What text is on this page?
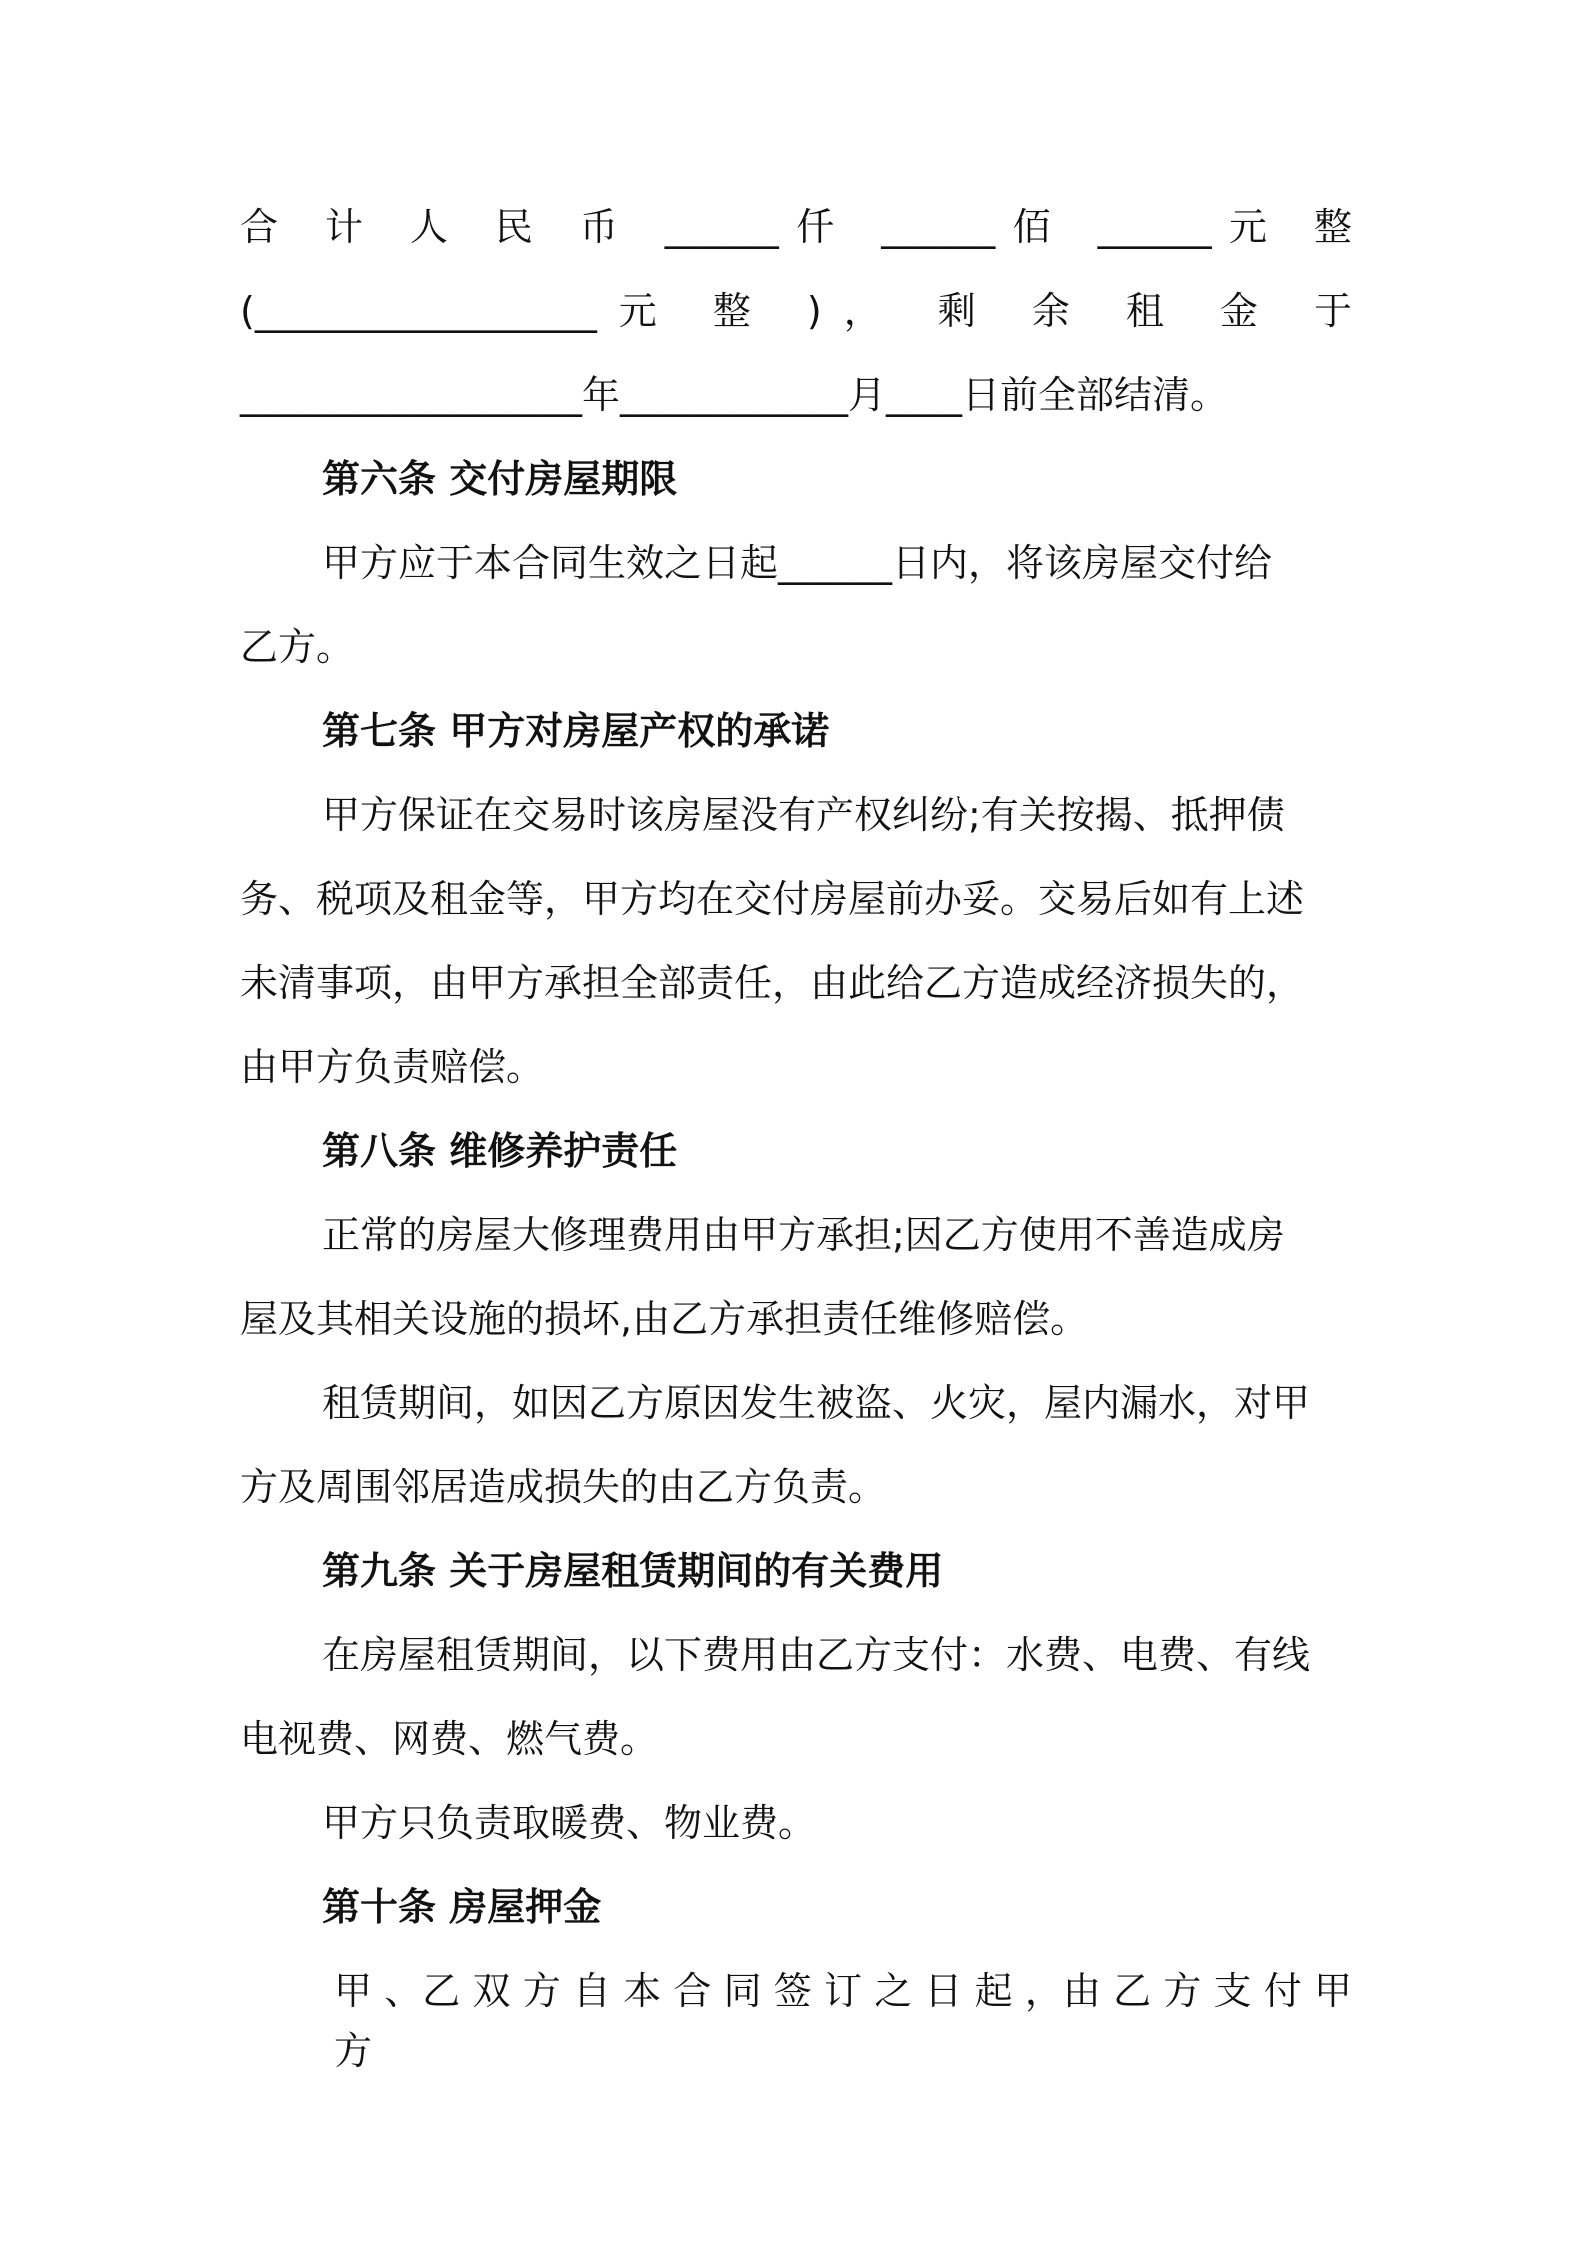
合 计 人 民 币 ______仟 ______佰 ______元 整
(__________________元 整 )， 剩 余 租 金 于
__________________年____________月____日前全部结清。
第六条 交付房屋期限
甲方应于本合同生效之日起______日内，将该房屋交付给
乙方。
第七条 甲方对房屋产权的承诺
甲方保证在交易时该房屋没有产权纠纷;有关按揭、抵押债
务、税项及租金等，甲方均在交付房屋前办妥。交易后如有上述
未清事项，由甲方承担全部责任，由此给乙方造成经济损失的，
由甲方负责赔偿。
第八条 维修养护责任
正常的房屋大修理费用由甲方承担;因乙方使用不善造成房
屋及其相关设施的损坏,由乙方承担责任维修赔偿。
租赁期间，如因乙方原因发生被盗、火灾，屋内漏水，对甲
方及周围邻居造成损失的由乙方负责。
第九条 关于房屋租赁期间的有关费用
在房屋租赁期间，以下费用由乙方支付：水费、电费、有线
电视费、网费、燃气费。
甲方只负责取暖费、物业费。
第十条 房屋押金
甲 、乙 双 方 自 本 合 同 签 订 之 日 起 ，由 乙 方 支 付 甲 方
